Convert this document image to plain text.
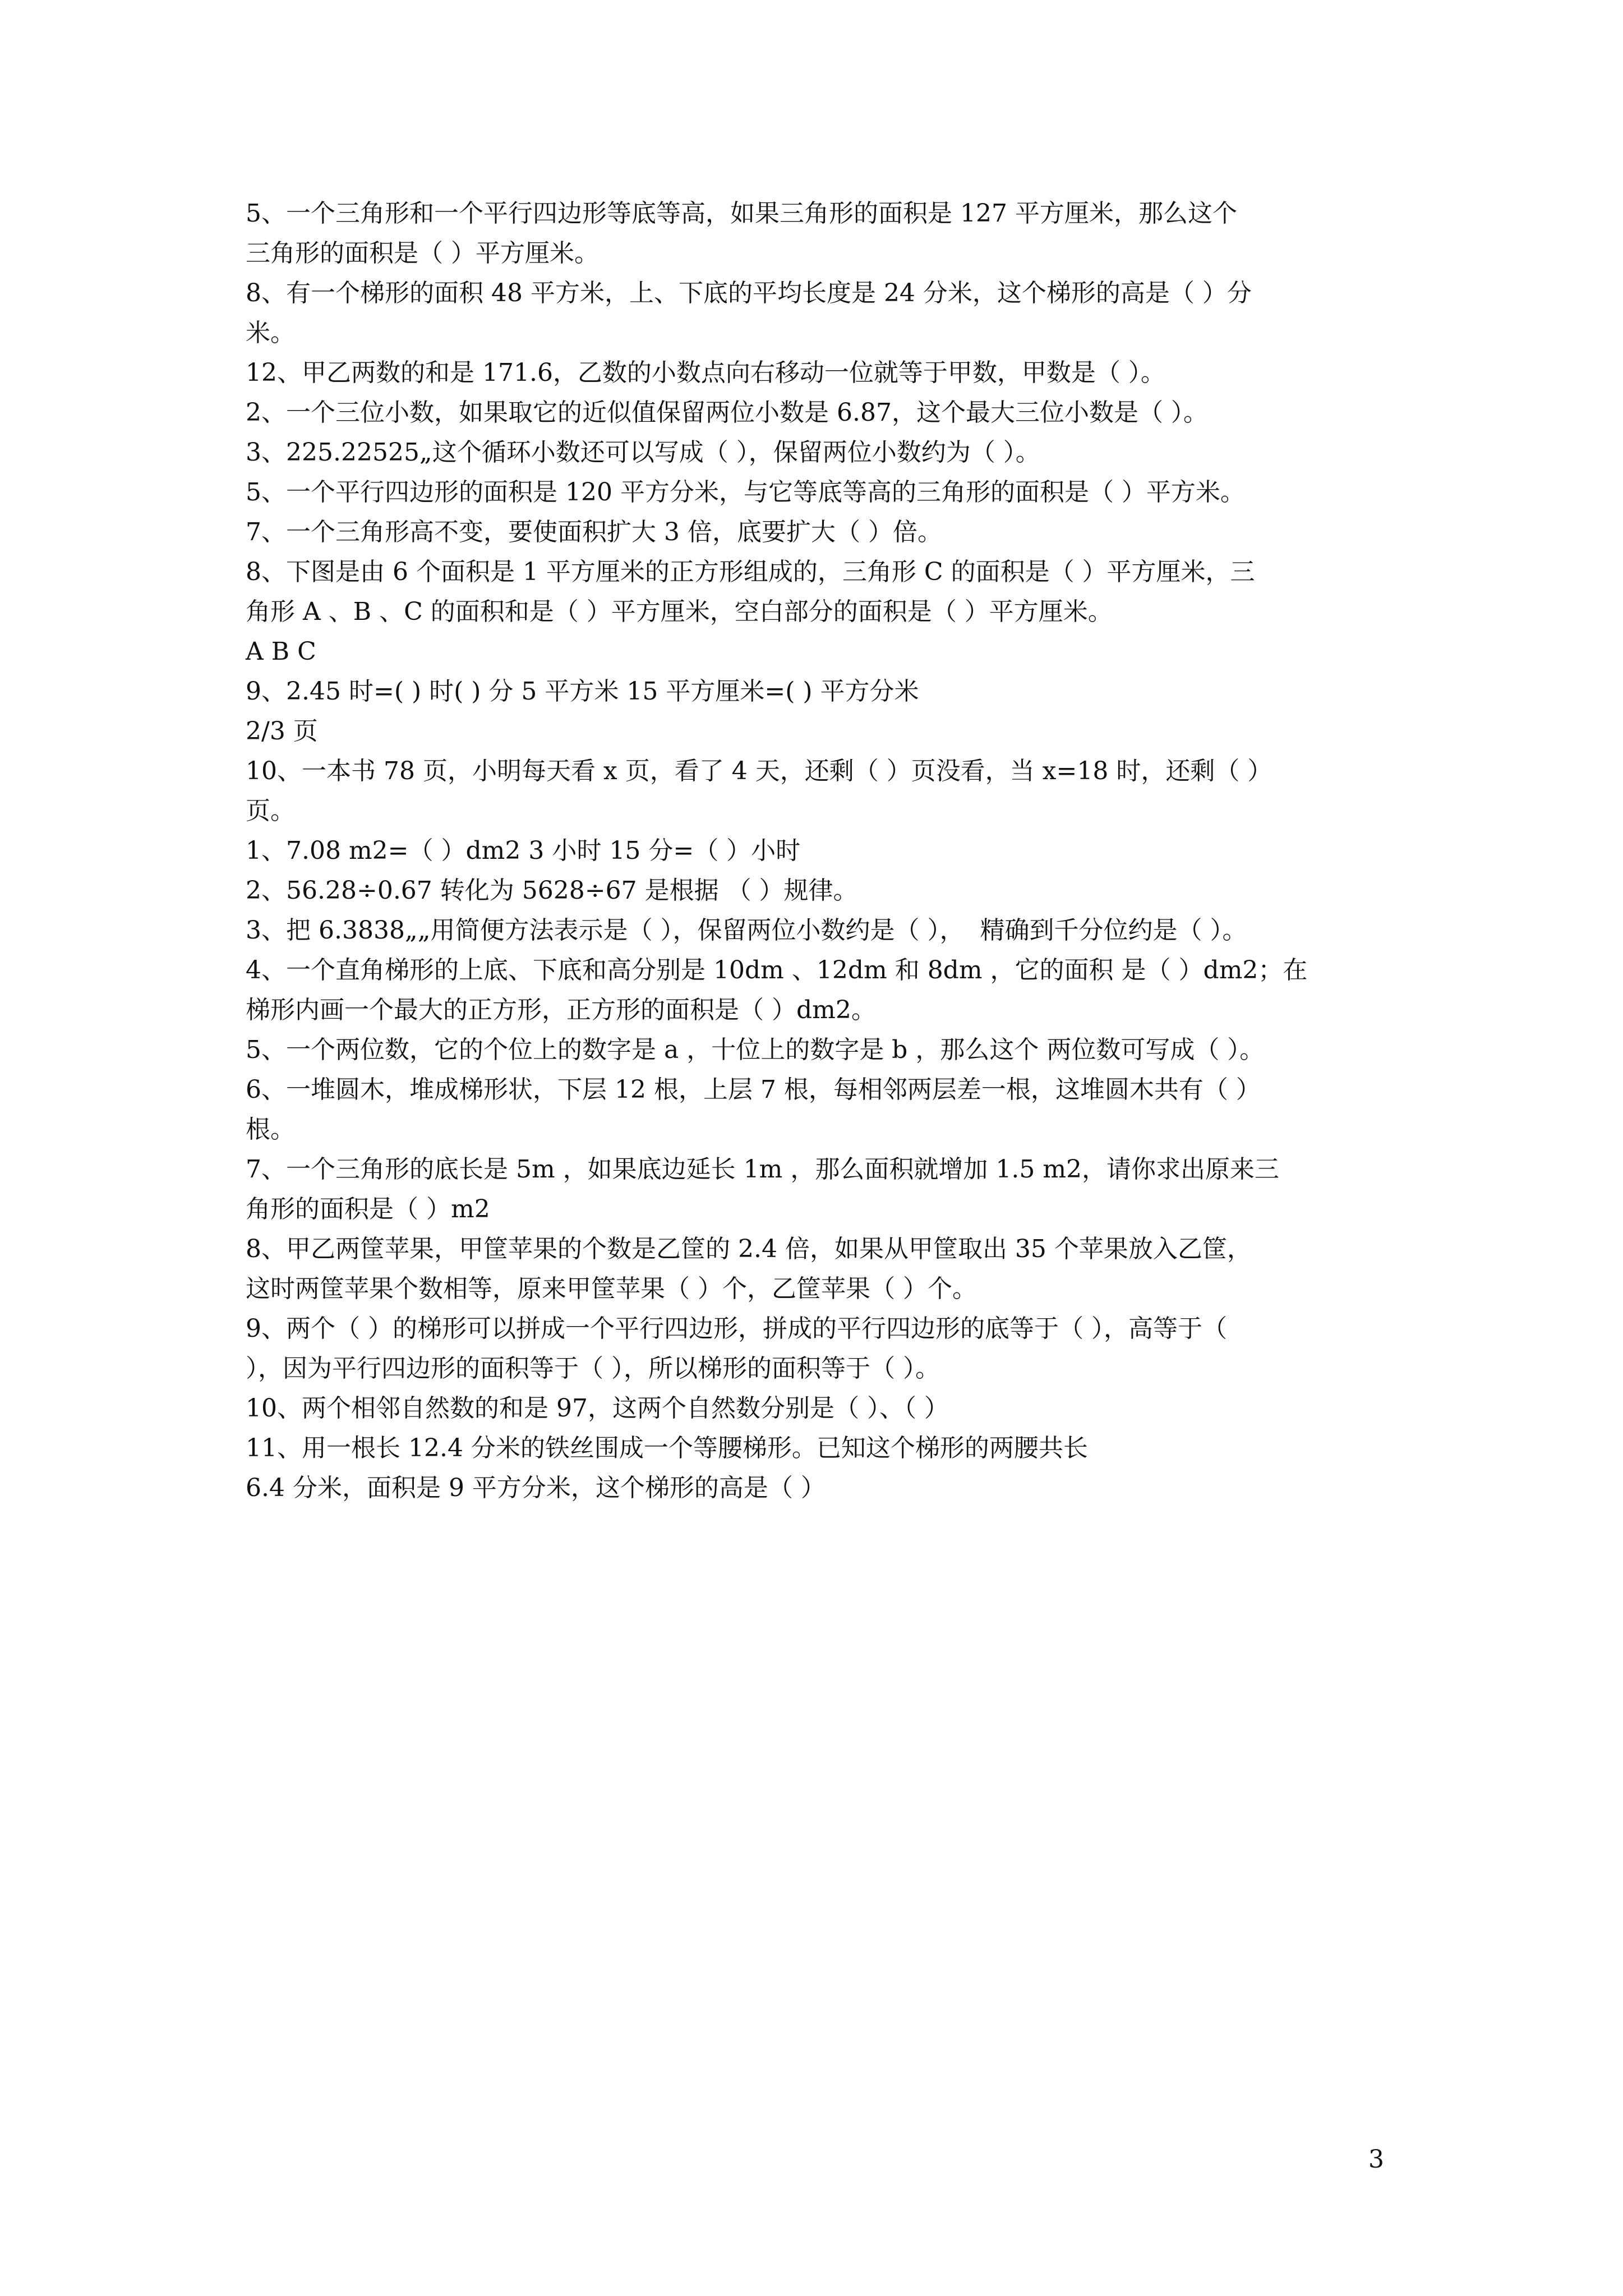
5、一个三角形和一个平行四边形等底等高，如果三角形的面积是 127 平方厘米，那么这个

三角形的面积是（ ）平方厘米。

8、有一个梯形的面积 48 平方米，上、下底的平均长度是 24 分米，这个梯形的高是（ ）分

米。

12、甲乙两数的和是 171.6，乙数的小数点向右移动一位就等于甲数，甲数是（ ）。

2、一个三位小数，如果取它的近似值保留两位小数是 6.87，这个最大三位小数是（ ）。

3、225.22525„这个循环小数还可以写成（ ），保留两位小数约为（ ）。

5、一个平行四边形的面积是 120 平方分米，与它等底等高的三角形的面积是（ ）平方米。

7、一个三角形高不变，要使面积扩大 3 倍，底要扩大（ ）倍。

8、下图是由 6 个面积是 1 平方厘米的正方形组成的，三角形 C 的面积是（ ）平方厘米，三

角形 A 、B 、C 的面积和是（ ）平方厘米，空白部分的面积是（ ）平方厘米。

A B C

9、2.45 时=( ) 时( ) 分 5 平方米 15 平方厘米=( ) 平方分米

2/3 页

10、一本书 78 页，小明每天看 x 页，看了 4 天，还剩（ ）页没看，当 x=18 时，还剩（ ）

页。

1、7.08 m2=（ ）dm2 3 小时 15 分=（ ）小时

2、56.28÷0.67 转化为 5628÷67 是根据 （ ）规律。

3、把 6.3838„„用简便方法表示是（ ），保留两位小数约是（ ），  精确到千分位约是（ ）。

4、一个直角梯形的上底、下底和高分别是 10dm 、12dm 和 8dm ，它的面积 是（ ）dm2；在

梯形内画一个最大的正方形，正方形的面积是（ ）dm2。

5、一个两位数，它的个位上的数字是 a ，十位上的数字是 b ，那么这个 两位数可写成（ ）。

6、一堆圆木，堆成梯形状，下层 12 根，上层 7 根，每相邻两层差一根，这堆圆木共有（ ）

根。

7、一个三角形的底长是 5m ，如果底边延长 1m ，那么面积就增加 1.5 m2，请你求出原来三

角形的面积是（ ）m2

8、甲乙两筐苹果，甲筐苹果的个数是乙筐的 2.4 倍，如果从甲筐取出 35 个苹果放入乙筐，

这时两筐苹果个数相等，原来甲筐苹果（ ）个，乙筐苹果（ ）个。

9、两个（ ）的梯形可以拼成一个平行四边形，拼成的平行四边形的底等于（ ），高等于（

），因为平行四边形的面积等于（ ），所以梯形的面积等于（ ）。

10、两个相邻自然数的和是 97，这两个自然数分别是（ ）、（ ）

11、用一根长 12.4 分米的铁丝围成一个等腰梯形。已知这个梯形的两腰共长

6.4 分米，面积是 9 平方分米，这个梯形的高是（ ）

3
